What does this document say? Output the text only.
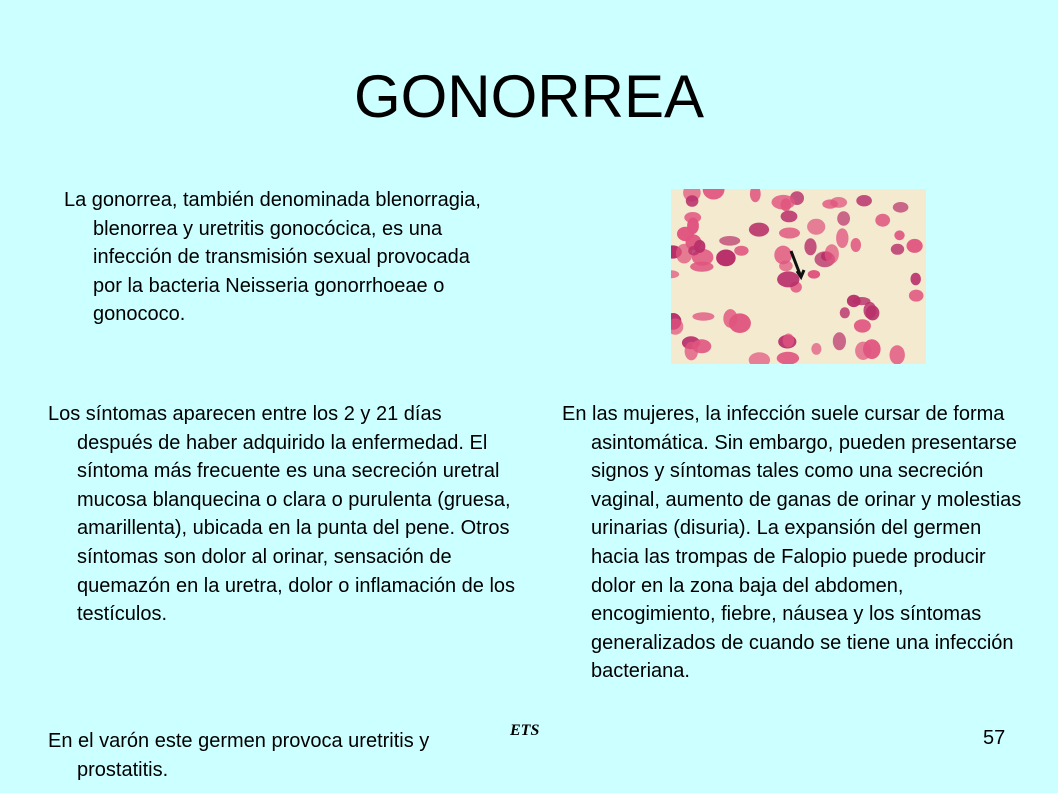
GONORREA

La gonorrea, también denominada blenorragia, blenorrea y uretritis gonocócica, es una infección de transmisión sexual provocada por la bacteria Neisseria gonorrhoeae o gonococo.

Los síntomas aparecen entre los 2 y 21 días después de haber adquirido la enfermedad. El síntoma más frecuente es una secreción uretral mucosa blanquecina o clara o purulenta (gruesa, amarillenta), ubicada en la punta del pene. Otros síntomas son dolor al orinar, sensación de quemazón en la uretra, dolor o inflamación de los testículos.

En el varón este germen provoca uretritis y prostatitis.

En las mujeres, la infección suele cursar de forma asintomática. Sin embargo, pueden presentarse signos y síntomas tales como una secreción vaginal, aumento de ganas de orinar y molestias urinarias (disuria). La expansión del germen hacia las trompas de Falopio puede producir dolor en la zona baja del abdomen, encogimiento, fiebre, náusea y los síntomas generalizados de cuando se tiene una infección bacteriana.

ETS	57
